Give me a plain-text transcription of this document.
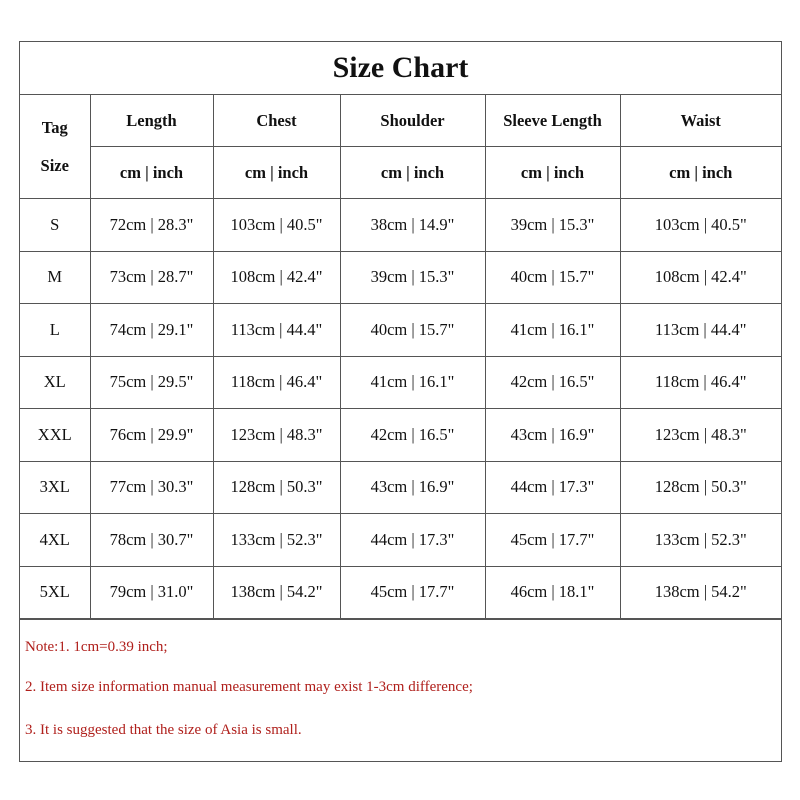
Size Chart
Tag
Size	Length	Chest	Shoulder	Sleeve Length	Waist
	cm | inch	cm | inch	cm | inch	cm | inch	cm | inch
S	72cm | 28.3"	103cm | 40.5"	38cm | 14.9"	39cm | 15.3"	103cm | 40.5"
M	73cm | 28.7"	108cm | 42.4"	39cm | 15.3"	40cm | 15.7"	108cm | 42.4"
L	74cm | 29.1"	113cm | 44.4"	40cm | 15.7"	41cm | 16.1"	113cm | 44.4"
XL	75cm | 29.5"	118cm | 46.4"	41cm | 16.1"	42cm | 16.5"	118cm | 46.4"
XXL	76cm | 29.9"	123cm | 48.3"	42cm | 16.5"	43cm | 16.9"	123cm | 48.3"
3XL	77cm | 30.3"	128cm | 50.3"	43cm | 16.9"	44cm | 17.3"	128cm | 50.3"
4XL	78cm | 30.7"	133cm | 52.3"	44cm | 17.3"	45cm | 17.7"	133cm | 52.3"
5XL	79cm | 31.0"	138cm | 54.2"	45cm | 17.7"	46cm | 18.1"	138cm | 54.2"
Note:1. 1cm=0.39 inch;
2. Item size information manual measurement may exist 1-3cm difference;
3. It is suggested that the size of Asia is small.
